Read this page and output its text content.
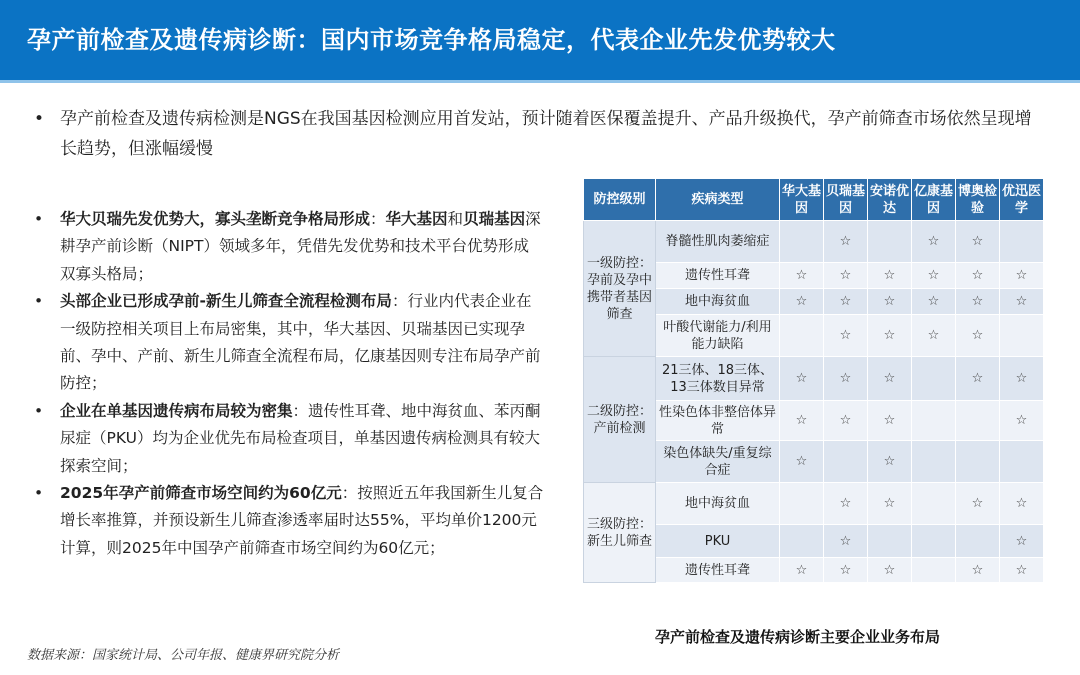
孕产前检查及遗传病诊断：国内市场竞争格局稳定，代表企业先发优势较大
• 孕产前检查及遗传病检测是NGS在我国基因检测应用首发站，预计随着医保覆盖提升、产品升级换代，孕产前筛查市场依然呈现增长趋势，但涨幅缓慢
• 华大贝瑞先发优势大，寡头垄断竞争格局形成：华大基因和贝瑞基因深耕孕产前诊断（NIPT）领域多年，凭借先发优势和技术平台优势形成双寡头格局；
• 头部企业已形成孕前-新生儿筛查全流程检测布局：行业内代表企业在一级防控相关项目上布局密集，其中，华大基因、贝瑞基因已实现孕前、孕中、产前、新生儿筛查全流程布局，亿康基因则专注布局孕产前防控；
• 企业在单基因遗传病布局较为密集：遗传性耳聋、地中海贫血、苯丙酮尿症（PKU）均为企业优先布局检查项目，单基因遗传病检测具有较大探索空间；
• 2025年孕产前筛查市场空间约为60亿元：按照近五年我国新生儿复合增长率推算，并预设新生儿筛查渗透率届时达55%，平均单价1200元计算，则2025年中国孕产前筛查市场空间约为60亿元；
数据来源：国家统计局、公司年报、健康界研究院分析
防控级别	疾病类型	华大基因	贝瑞基因	安诺优达	亿康基因	博奥检验	优迅医学
一级防控：孕前及孕中携带者基因筛查	脊髓性肌肉萎缩症		☆		☆	☆	
	遗传性耳聋	☆	☆	☆	☆	☆	☆
	地中海贫血	☆	☆	☆	☆	☆	☆
	叶酸代谢能力/利用能力缺陷		☆	☆	☆	☆	
二级防控：产前检测	21三体、18三体、13三体数目异常	☆	☆	☆		☆	☆
	性染色体非整倍体异常	☆	☆	☆			☆
	染色体缺失/重复综合症	☆		☆			
三级防控：新生儿筛查	地中海贫血		☆	☆		☆	☆
	PKU		☆				☆
	遗传性耳聋	☆	☆	☆		☆	☆
孕产前检查及遗传病诊断主要企业业务布局
